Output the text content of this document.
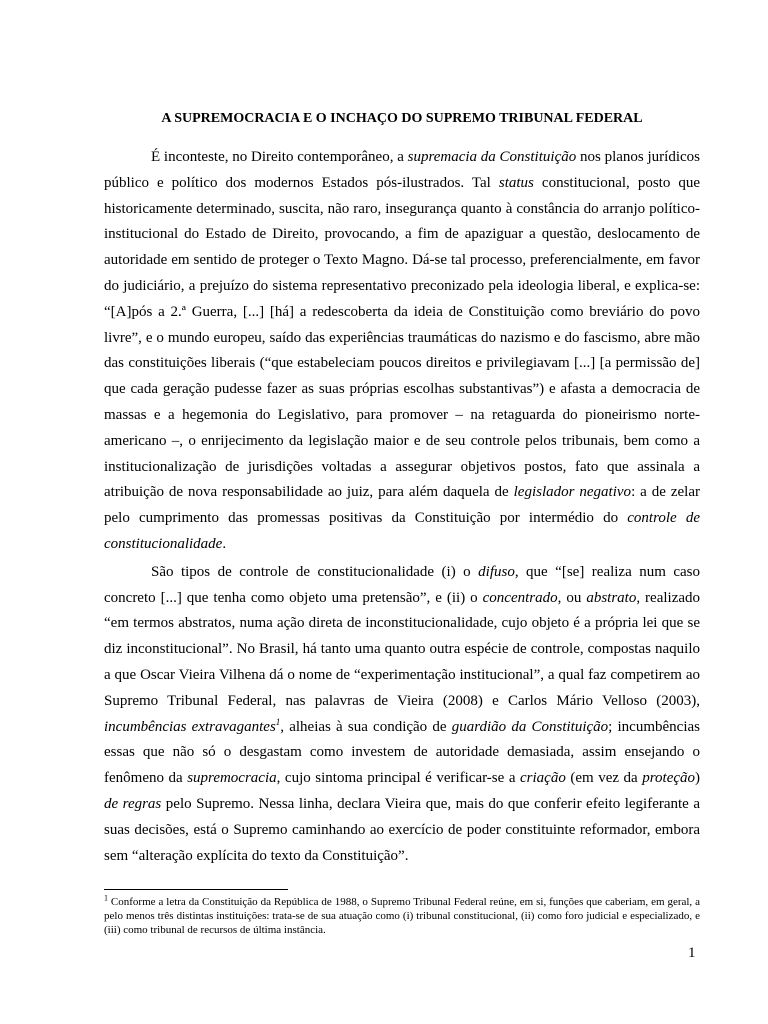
A SUPREMOCRACIA E O INCHAÇO DO SUPREMO TRIBUNAL FEDERAL

É inconteste, no Direito contemporâneo, a supremacia da Constituição nos planos jurídicos público e político dos modernos Estados pós-ilustrados. Tal status constitucional, posto que historicamente determinado, suscita, não raro, insegurança quanto à constância do arranjo político-institucional do Estado de Direito, provocando, a fim de apaziguar a questão, deslocamento de autoridade em sentido de proteger o Texto Magno. Dá-se tal processo, preferencialmente, em favor do judiciário, a prejuízo do sistema representativo preconizado pela ideologia liberal, e explica-se: “[A]pós a 2.ª Guerra, [...] [há] a redescoberta da ideia de Constituição como breviário do povo livre”, e o mundo europeu, saído das experiências traumáticas do nazismo e do fascismo, abre mão das constituições liberais (“que estabeleciam poucos direitos e privilegiavam [...] [a permissão de] que cada geração pudesse fazer as suas próprias escolhas substantivas”) e afasta a democracia de massas e a hegemonia do Legislativo, para promover – na retaguarda do pioneirismo norte-americano –, o enrijecimento da legislação maior e de seu controle pelos tribunais, bem como a institucionalização de jurisdições voltadas a assegurar objetivos postos, fato que assinala a atribuição de nova responsabilidade ao juiz, para além daquela de legislador negativo: a de zelar pelo cumprimento das promessas positivas da Constituição por intermédio do controle de constitucionalidade.

São tipos de controle de constitucionalidade (i) o difuso, que “[se] realiza num caso concreto [...] que tenha como objeto uma pretensão”, e (ii) o concentrado, ou abstrato, realizado “em termos abstratos, numa ação direta de inconstitucionalidade, cujo objeto é a própria lei que se diz inconstitucional”. No Brasil, há tanto uma quanto outra espécie de controle, compostas naquilo a que Oscar Vieira Vilhena dá o nome de “experimentação institucional”, a qual faz competirem ao Supremo Tribunal Federal, nas palavras de Vieira (2008) e Carlos Mário Velloso (2003), incumbências extravagantes$^1$, alheias à sua condição de guardião da Constituição; incumbências essas que não só o desgastam como investem de autoridade demasiada, assim ensejando o fenômeno da supremocracia, cujo sintoma principal é verificar-se a criação (em vez da proteção) de regras pelo Supremo. Nessa linha, declara Vieira que, mais do que conferir efeito legiferante a suas decisões, está o Supremo caminhando ao exercício de poder constituinte reformador, embora sem “alteração explícita do texto da Constituição”.

$^1$ Conforme a letra da Constituição da República de 1988, o Supremo Tribunal Federal reúne, em si, funções que caberiam, em geral, a pelo menos três distintas instituições: trata-se de sua atuação como (i) tribunal constitucional, (ii) como foro judicial e especializado, e (iii) como tribunal de recursos de última instância.
1
